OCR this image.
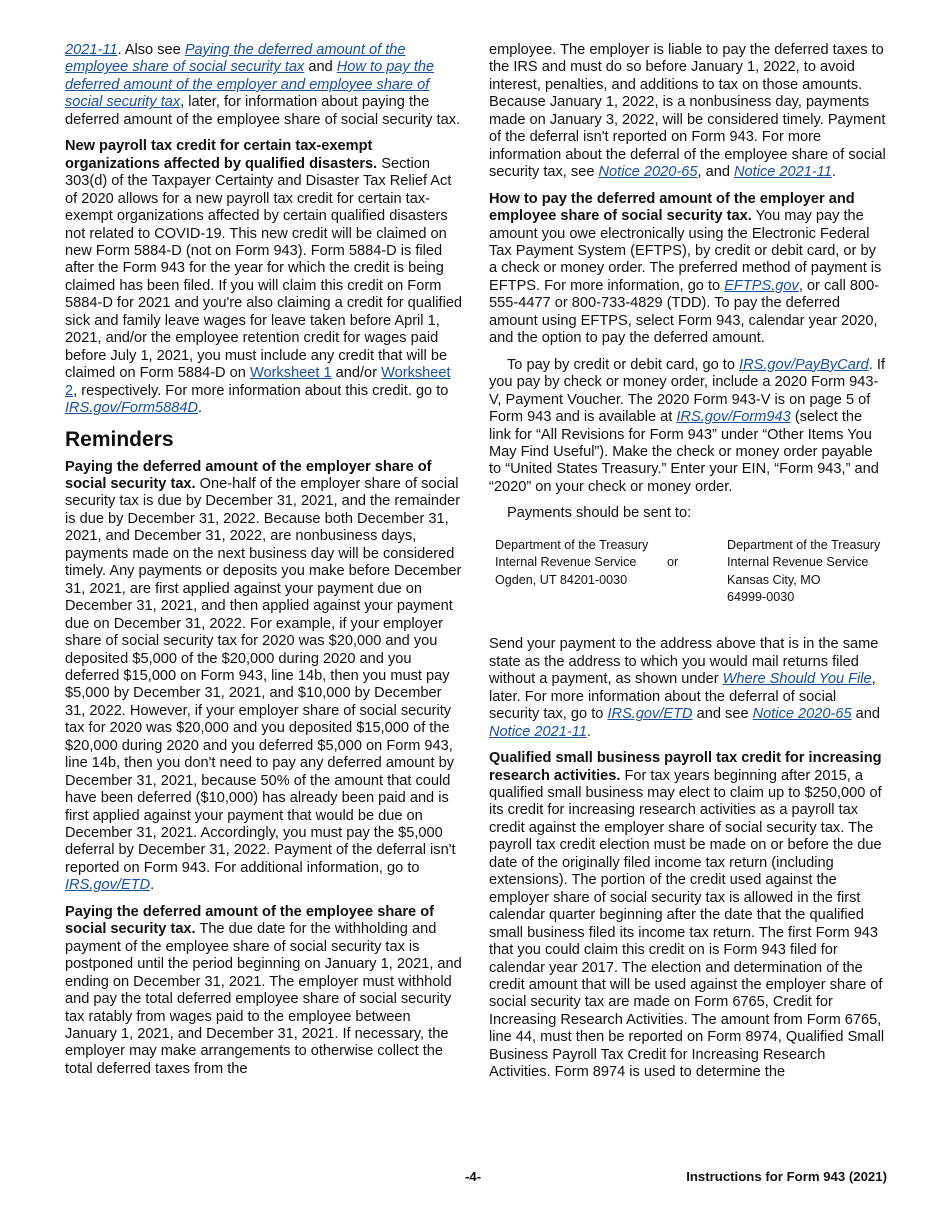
2021-11. Also see Paying the deferred amount of the employee share of social security tax and How to pay the deferred amount of the employer and employee share of social security tax, later, for information about paying the deferred amount of the employee share of social security tax.

New payroll tax credit for certain tax-exempt organizations affected by qualified disasters. Section 303(d) of the Taxpayer Certainty and Disaster Tax Relief Act of 2020 allows for a new payroll tax credit for certain tax-exempt organizations affected by certain qualified disasters not related to COVID-19. This new credit will be claimed on new Form 5884-D (not on Form 943). Form 5884-D is filed after the Form 943 for the year for which the credit is being claimed has been filed. If you will claim this credit on Form 5884-D for 2021 and you're also claiming a credit for qualified sick and family leave wages for leave taken before April 1, 2021, and/or the employee retention credit for wages paid before July 1, 2021, you must include any credit that will be claimed on Form 5884-D on Worksheet 1 and/or Worksheet 2, respectively. For more information about this credit. go to IRS.gov/Form5884D.

Reminders

Paying the deferred amount of the employer share of social security tax. One-half of the employer share of social security tax is due by December 31, 2021, and the remainder is due by December 31, 2022. Because both December 31, 2021, and December 31, 2022, are nonbusiness days, payments made on the next business day will be considered timely. Any payments or deposits you make before December 31, 2021, are first applied against your payment due on December 31, 2021, and then applied against your payment due on December 31, 2022. For example, if your employer share of social security tax for 2020 was $20,000 and you deposited $5,000 of the $20,000 during 2020 and you deferred $15,000 on Form 943, line 14b, then you must pay $5,000 by December 31, 2021, and $10,000 by December 31, 2022. However, if your employer share of social security tax for 2020 was $20,000 and you deposited $15,000 of the $20,000 during 2020 and you deferred $5,000 on Form 943, line 14b, then you don't need to pay any deferred amount by December 31, 2021, because 50% of the amount that could have been deferred ($10,000) has already been paid and is first applied against your payment that would be due on December 31, 2021. Accordingly, you must pay the $5,000 deferral by December 31, 2022. Payment of the deferral isn't reported on Form 943. For additional information, go to IRS.gov/ETD.

Paying the deferred amount of the employee share of social security tax. The due date for the withholding and payment of the employee share of social security tax is postponed until the period beginning on January 1, 2021, and ending on December 31, 2021. The employer must withhold and pay the total deferred employee share of social security tax ratably from wages paid to the employee between January 1, 2021, and December 31, 2021. If necessary, the employer may make arrangements to otherwise collect the total deferred taxes from the

employee. The employer is liable to pay the deferred taxes to the IRS and must do so before January 1, 2022, to avoid interest, penalties, and additions to tax on those amounts. Because January 1, 2022, is a nonbusiness day, payments made on January 3, 2022, will be considered timely. Payment of the deferral isn't reported on Form 943. For more information about the deferral of the employee share of social security tax, see Notice 2020-65, and Notice 2021-11.

How to pay the deferred amount of the employer and employee share of social security tax. You may pay the amount you owe electronically using the Electronic Federal Tax Payment System (EFTPS), by credit or debit card, or by a check or money order. The preferred method of payment is EFTPS. For more information, go to EFTPS.gov, or call 800-555-4477 or 800-733-4829 (TDD). To pay the deferred amount using EFTPS, select Form 943, calendar year 2020, and the option to pay the deferred amount.

To pay by credit or debit card, go to IRS.gov/PayByCard. If you pay by check or money order, include a 2020 Form 943-V, Payment Voucher. The 2020 Form 943-V is on page 5 of Form 943 and is available at IRS.gov/Form943 (select the link for “All Revisions for Form 943” under “Other Items You May Find Useful”). Make the check or money order payable to “United States Treasury.” Enter your EIN, “Form 943,” and “2020” on your check or money order.

Payments should be sent to:

Department of the Treasury
Internal Revenue Service
Ogden, UT 84201-0030
or
Department of the Treasury
Internal Revenue Service
Kansas City, MO
64999-0030

Send your payment to the address above that is in the same state as the address to which you would mail returns filed without a payment, as shown under Where Should You File, later. For more information about the deferral of social security tax, go to IRS.gov/ETD and see Notice 2020-65 and Notice 2021-11.

Qualified small business payroll tax credit for increasing research activities. For tax years beginning after 2015, a qualified small business may elect to claim up to $250,000 of its credit for increasing research activities as a payroll tax credit against the employer share of social security tax. The payroll tax credit election must be made on or before the due date of the originally filed income tax return (including extensions). The portion of the credit used against the employer share of social security tax is allowed in the first calendar quarter beginning after the date that the qualified small business filed its income tax return. The first Form 943 that you could claim this credit on is Form 943 filed for calendar year 2017. The election and determination of the credit amount that will be used against the employer share of social security tax are made on Form 6765, Credit for Increasing Research Activities. The amount from Form 6765, line 44, must then be reported on Form 8974, Qualified Small Business Payroll Tax Credit for Increasing Research Activities. Form 8974 is used to determine the

-4-	Instructions for Form 943 (2021)
